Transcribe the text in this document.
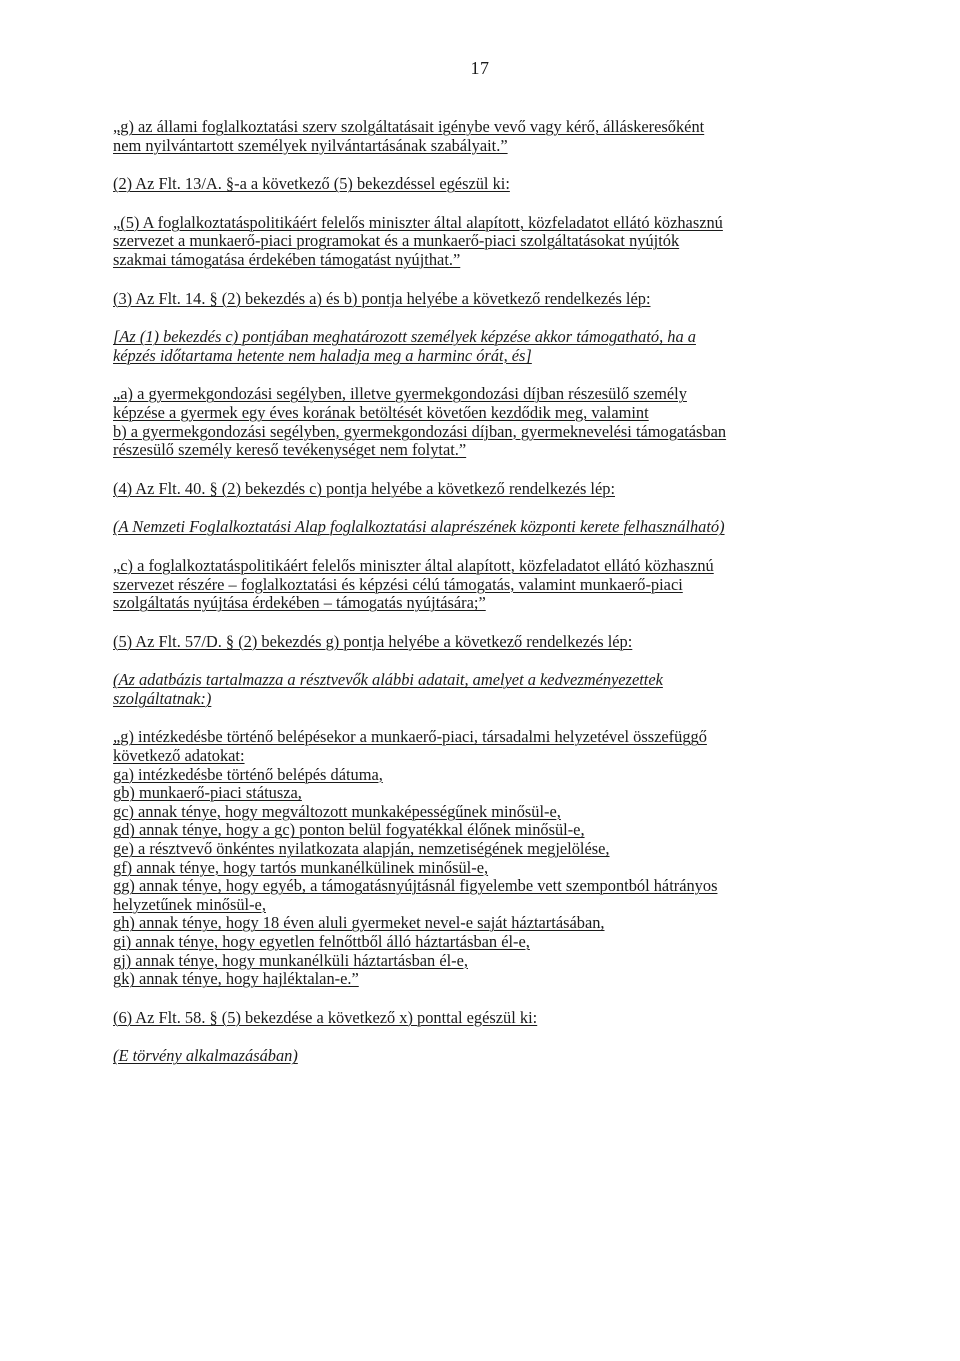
17

„g) az állami foglalkoztatási szerv szolgáltatásait igénybe vevő vagy kérő, álláskeresőként
nem nyilvántartott személyek nyilvántartásának szabályait.”

(2) Az Flt. 13/A. §-a a következő (5) bekezdéssel egészül ki:

„(5) A foglalkoztatáspolitikáért felelős miniszter által alapított, közfeladatot ellátó közhasznú
szervezet a munkaerő-piaci programokat és a munkaerő-piaci szolgáltatásokat nyújtók
szakmai támogatása érdekében támogatást nyújthat.”

(3) Az Flt. 14. § (2) bekezdés a) és b) pontja helyébe a következő rendelkezés lép:

[Az (1) bekezdés c) pontjában meghatározott személyek képzése akkor támogatható, ha a
képzés időtartama hetente nem haladja meg a harminc órát, és]

„a) a gyermekgondozási segélyben, illetve gyermekgondozási díjban részesülő személy
képzése a gyermek egy éves korának betöltését követően kezdődik meg, valamint
b) a gyermekgondozási segélyben, gyermekgondozási díjban, gyermeknevelési támogatásban
részesülő személy kereső tevékenységet nem folytat.”

(4) Az Flt. 40. § (2) bekezdés c) pontja helyébe a következő rendelkezés lép:

(A Nemzeti Foglalkoztatási Alap foglalkoztatási alaprészének központi kerete felhasználható)

„c) a foglalkoztatáspolitikáért felelős miniszter által alapított, közfeladatot ellátó közhasznú
szervezet részére – foglalkoztatási és képzési célú támogatás, valamint munkaerő-piaci
szolgáltatás nyújtása érdekében – támogatás nyújtására;”

(5) Az Flt. 57/D. § (2) bekezdés g) pontja helyébe a következő rendelkezés lép:

(Az adatbázis tartalmazza a résztvevők alábbi adatait, amelyet a kedvezményezettek
szolgáltatnak:)

„g) intézkedésbe történő belépésekor a munkaerő-piaci, társadalmi helyzetével összefüggő
következő adatokat:
ga) intézkedésbe történő belépés dátuma,
gb) munkaerő-piaci státusza,
gc) annak ténye, hogy megváltozott munkaképességűnek minősül-e,
gd) annak ténye, hogy a gc) ponton belül fogyatékkal élőnek minősül-e,
ge) a résztvevő önkéntes nyilatkozata alapján, nemzetiségének megjelölése,
gf) annak ténye, hogy tartós munkanélkülinek minősül-e,
gg) annak ténye, hogy egyéb, a támogatásnyújtásnál figyelembe vett szempontból hátrányos
helyzetűnek minősül-e,
gh) annak ténye, hogy 18 éven aluli gyermeket nevel-e saját háztartásában,
gi) annak ténye, hogy egyetlen felnőttből álló háztartásban él-e,
gj) annak ténye, hogy munkanélküli háztartásban él-e,
gk) annak ténye, hogy hajléktalan-e.”

(6) Az Flt. 58. § (5) bekezdése a következő x) ponttal egészül ki:

(E törvény alkalmazásában)
